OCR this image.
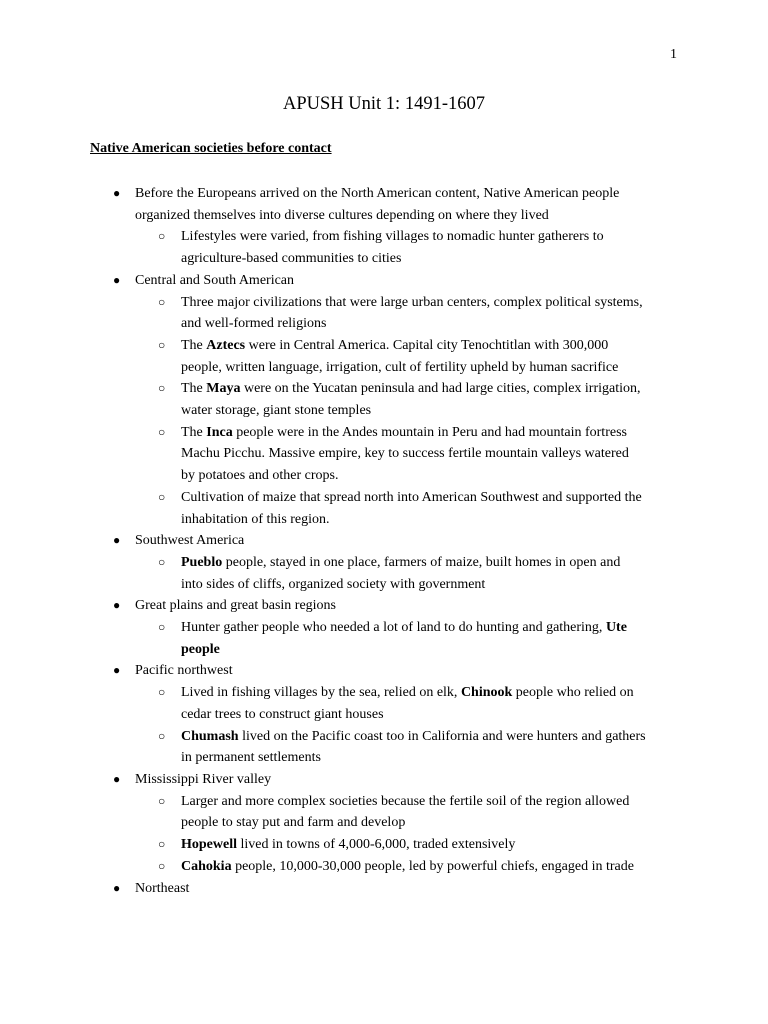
1
APUSH Unit 1: 1491-1607
Native American societies before contact
● Before the Europeans arrived on the North American content, Native American people
organized themselves into diverse cultures depending on where they lived
○ Lifestyles were varied, from fishing villages to nomadic hunter gatherers to
agriculture-based communities to cities
● Central and South American
○ Three major civilizations that were large urban centers, complex political systems,
and well-formed religions
○ The Aztecs were in Central America. Capital city Tenochtitlan with 300,000
people, written language, irrigation, cult of fertility upheld by human sacrifice
○ The Maya were on the Yucatan peninsula and had large cities, complex irrigation,
water storage, giant stone temples
○ The Inca people were in the Andes mountain in Peru and had mountain fortress
Machu Picchu. Massive empire, key to success fertile mountain valleys watered
by potatoes and other crops.
○ Cultivation of maize that spread north into American Southwest and supported the
inhabitation of this region.
● Southwest America
○ Pueblo people, stayed in one place, farmers of maize, built homes in open and
into sides of cliffs, organized society with government
● Great plains and great basin regions
○ Hunter gather people who needed a lot of land to do hunting and gathering, Ute
people
● Pacific northwest
○ Lived in fishing villages by the sea, relied on elk, Chinook people who relied on
cedar trees to construct giant houses
○ Chumash lived on the Pacific coast too in California and were hunters and gathers
in permanent settlements
● Mississippi River valley
○ Larger and more complex societies because the fertile soil of the region allowed
people to stay put and farm and develop
○ Hopewell lived in towns of 4,000-6,000, traded extensively
○ Cahokia people, 10,000-30,000 people, led by powerful chiefs, engaged in trade
● Northeast
